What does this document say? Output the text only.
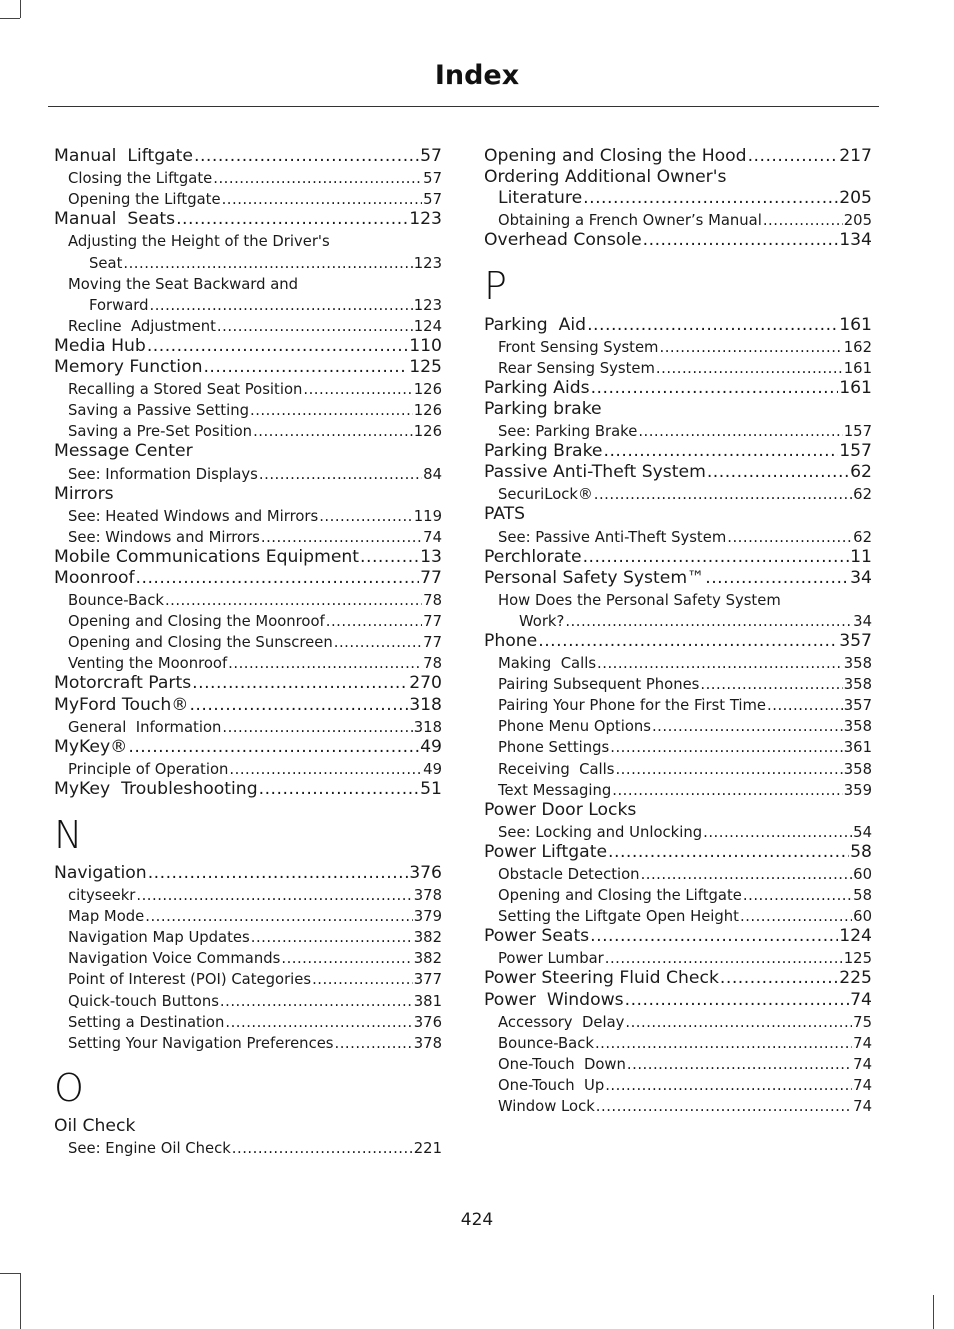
Index
Manual  Liftgate .....	57
Closing the Liftgate .....	57
Opening the Liftgate .....	57
Manual  Seats .....	123
Adjusting the Height of the Driver's
Seat .....	123
Moving the Seat Backward and
Forward .....	123
Recline  Adjustment .....	124
Media Hub .....	110
Memory Function .....	125
Recalling a Stored Seat Position .....	126
Saving a Passive Setting .....	126
Saving a Pre-Set Position .....	126
Message Center
See: Information Displays .....	84
Mirrors
See: Heated Windows and Mirrors .....	119
See: Windows and Mirrors .....	74
Mobile Communications Equipment .....	13
Moonroof .....	77
Bounce-Back .....	78
Opening and Closing the Moonroof .....	77
Opening and Closing the Sunscreen .....	77
Venting the Moonroof .....	78
Motorcraft Parts .....	270
MyFord Touch® .....	318
General  Information .....	318
MyKey® .....	49
Principle of Operation .....	49
MyKey  Troubleshooting .....	51
N
Navigation .....	376
cityseekr .....	378
Map Mode .....	379
Navigation Map Updates .....	382
Navigation Voice Commands .....	382
Point of Interest (POI) Categories .....	377
Quick-touch Buttons .....	381
Setting a Destination .....	376
Setting Your Navigation Preferences .....	378
O
Oil Check
See: Engine Oil Check .....	221
Opening and Closing the Hood .....	217
Ordering Additional Owner's
Literature .....	205
Obtaining a French Owner’s Manual .....	205
Overhead Console .....	134
P
Parking  Aid .....	161
Front Sensing System .....	162
Rear Sensing System .....	161
Parking Aids .....	161
Parking brake
See: Parking Brake .....	157
Parking Brake .....	157
Passive Anti-Theft System .....	62
SecuriLock® .....	62
PATS
See: Passive Anti-Theft System .....	62
Perchlorate .....	11
Personal Safety System™ .....	34
How Does the Personal Safety System
Work? .....	34
Phone .....	357
Making  Calls .....	358
Pairing Subsequent Phones .....	358
Pairing Your Phone for the First Time .....	357
Phone Menu Options .....	358
Phone Settings .....	361
Receiving  Calls .....	358
Text Messaging .....	359
Power Door Locks
See: Locking and Unlocking .....	54
Power Liftgate .....	58
Obstacle Detection .....	60
Opening and Closing the Liftgate .....	58
Setting the Liftgate Open Height .....	60
Power Seats .....	124
Power Lumbar .....	125
Power Steering Fluid Check .....	225
Power  Windows .....	74
Accessory  Delay .....	75
Bounce-Back .....	74
One-Touch  Down .....	74
One-Touch  Up .....	74
Window Lock .....	74
424
